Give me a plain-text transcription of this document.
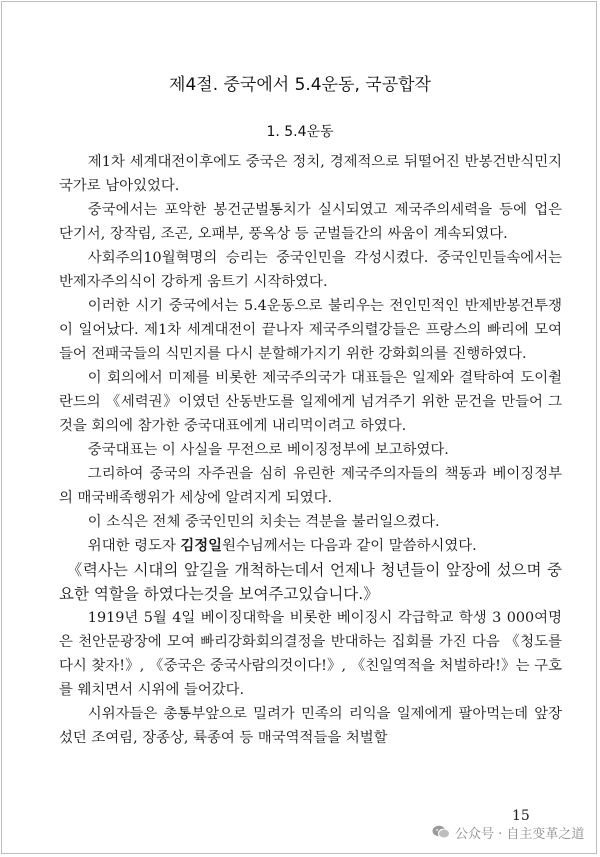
제4절. 중국에서 5.4운동, 국공합작
1. 5.4운동

제1차 세계대전이후에도 중국은 정치, 경제적으로 뒤떨어진 반봉건반식민지국가로 남아있었다.

중국에서는 포악한 봉건군벌통치가 실시되였고 제국주의세력을 등에 업은 단기서, 장작림, 조곤, 오패부, 풍옥상 등 군벌들간의 싸움이 계속되였다.

사회주의10월혁명의 승리는 중국인민을 각성시켰다. 중국인민들속에서는 반제자주의식이 강하게 움트기 시작하였다.

이러한 시기 중국에서는 5.4운동으로 불리우는 전인민적인 반제반봉건투쟁이 일어났다. 제1차 세계대전이 끝나자 제국주의렬강들은 프랑스의 빠리에 모여들어 전패국들의 식민지를 다시 분할해가지기 위한 강화회의를 진행하였다.

이 회의에서 미제를 비롯한 제국주의국가 대표들은 일제와 결탁하여 도이췰란드의 《세력권》이였던 산동반도를 일제에게 넘겨주기 위한 문건을 만들어 그것을 회의에 참가한 중국대표에게 내리먹이려고 하였다.

중국대표는 이 사실을 무전으로 베이징정부에 보고하였다.

그리하여 중국의 자주권을 심히 유린한 제국주의자들의 책동과 베이징정부의 매국배족행위가 세상에 알려지게 되였다.

이 소식은 전체 중국인민의 치솟는 격분을 불러일으켰다.

위대한 령도자 김정일원수님께서는 다음과 같이 말씀하시였다.

《력사는 시대의 앞길을 개척하는데서 언제나 청년들이 앞장에 섰으며 중요한 역할을 하였다는것을 보여주고있습니다.》

1919년 5월 4일 베이징대학을 비롯한 베이징시 각급학교 학생 3 000여명은 천안문광장에 모여 빠리강화회의결정을 반대하는 집회를 가진 다음 《청도를 다시 찾자!》, 《중국은 중국사람의것이다!》, 《친일역적을 처벌하라!》는 구호를 웨치면서 시위에 들어갔다.

시위자들은 총통부앞으로 밀려가 민족의 리익을 일제에게 팔아먹는데 앞장섰던 조여림, 장종상, 륙종여 등 매국역적들을 처벌할

15
公众号 · 自主变革之道
